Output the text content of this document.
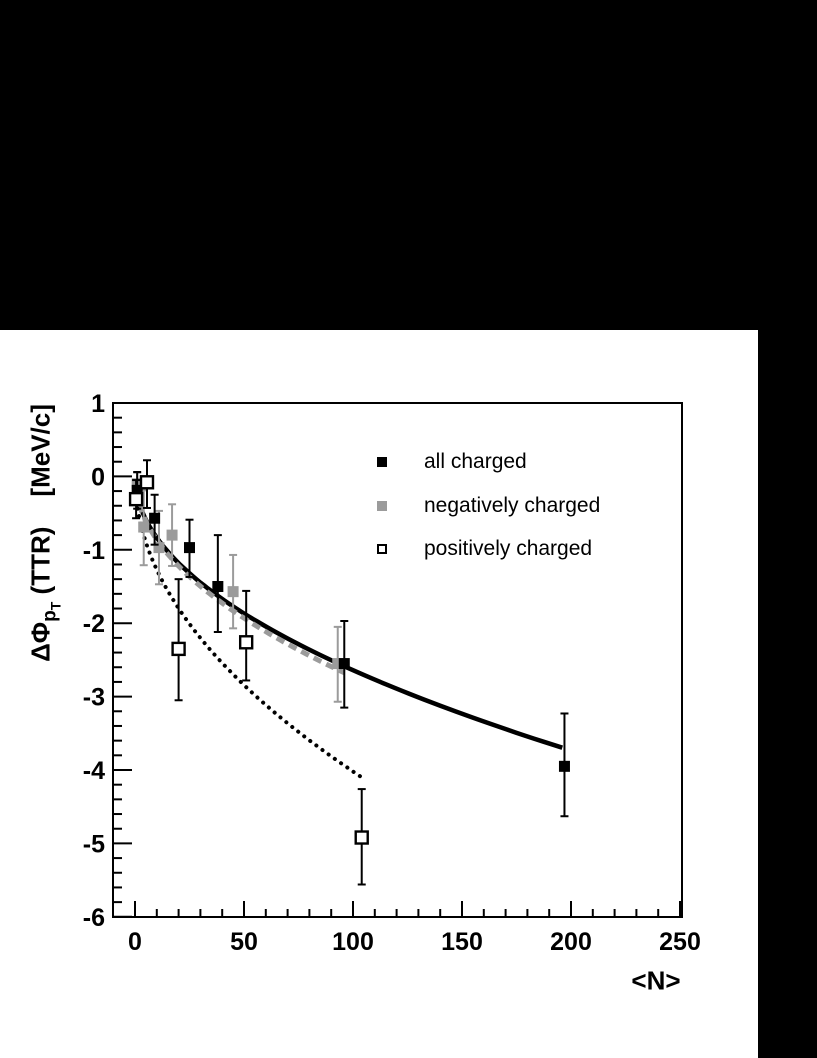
0	50	100	150	200	250
1
0
-1
-2
-3
-4
-5
-6
$\Delta\Phi_{p_T}$ (TTR)[MeV/c]
<N>
all charged
negatively charged
positively charged
